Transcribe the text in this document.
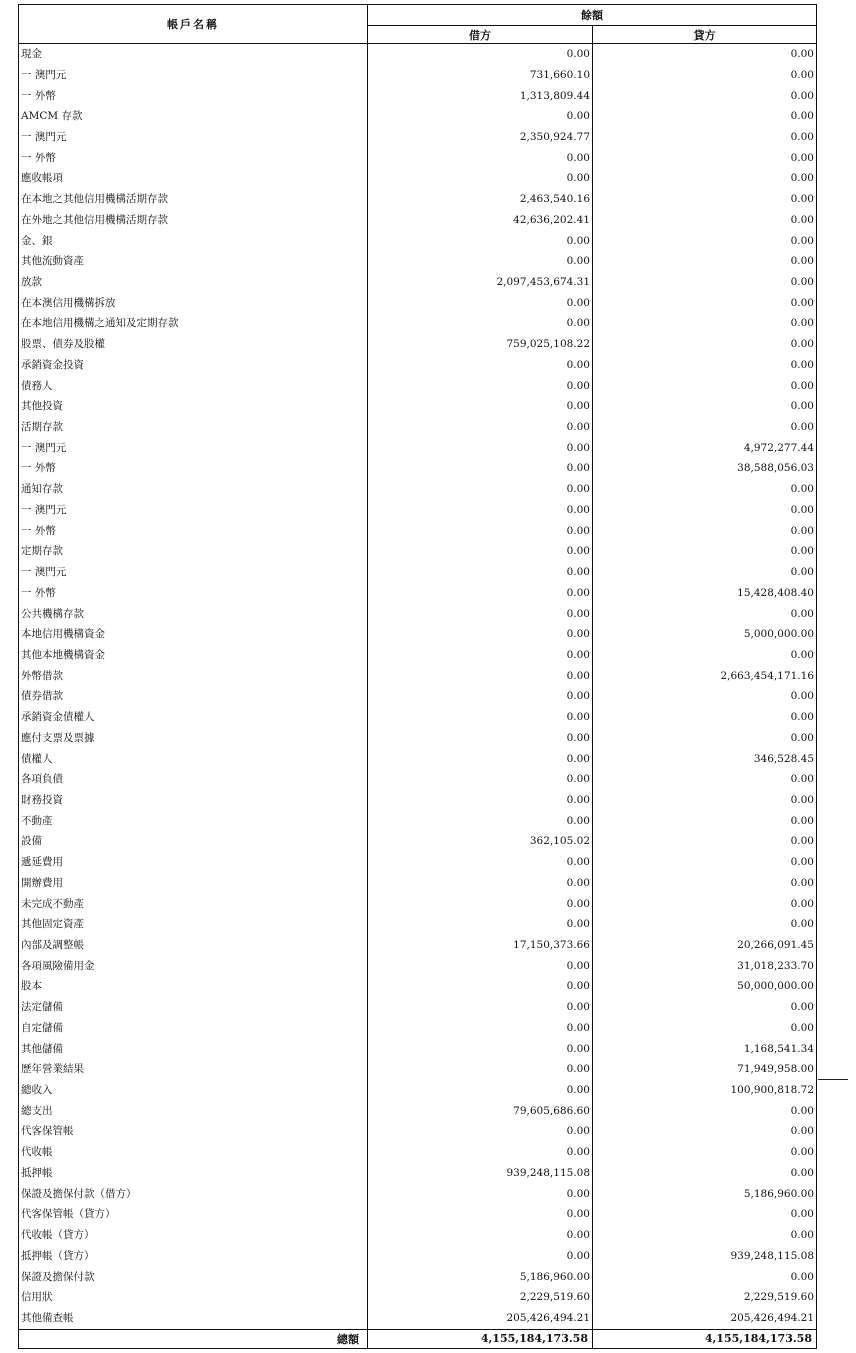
帳戶名稱	餘額	
	借方	貸方
現金	0.00	0.00
一 澳門元	731,660.10	0.00
一 外幣	1,313,809.44	0.00
AMCM 存款	0.00	0.00
一 澳門元	2,350,924.77	0.00
一 外幣	0.00	0.00
應收帳項	0.00	0.00
在本地之其他信用機構活期存款	2,463,540.16	0.00
在外地之其他信用機構活期存款	42,636,202.41	0.00
金、銀	0.00	0.00
其他流動資產	0.00	0.00
放款	2,097,453,674.31	0.00
在本澳信用機構拆放	0.00	0.00
在本地信用機構之通知及定期存款	0.00	0.00
股票、債券及股權	759,025,108.22	0.00
承銷資金投資	0.00	0.00
債務人	0.00	0.00
其他投資	0.00	0.00
活期存款	0.00	0.00
一 澳門元	0.00	4,972,277.44
一 外幣	0.00	38,588,056.03
通知存款	0.00	0.00
一 澳門元	0.00	0.00
一 外幣	0.00	0.00
定期存款	0.00	0.00
一 澳門元	0.00	0.00
一 外幣	0.00	15,428,408.40
公共機構存款	0.00	0.00
本地信用機構資金	0.00	5,000,000.00
其他本地機構資金	0.00	0.00
外幣借款	0.00	2,663,454,171.16
債券借款	0.00	0.00
承銷資金債權人	0.00	0.00
應付支票及票據	0.00	0.00
債權人	0.00	346,528.45
各項負債	0.00	0.00
財務投資	0.00	0.00
不動產	0.00	0.00
設備	362,105.02	0.00
遞延費用	0.00	0.00
開辦費用	0.00	0.00
未完成不動產	0.00	0.00
其他固定資產	0.00	0.00
內部及調整帳	17,150,373.66	20,266,091.45
各項風險備用金	0.00	31,018,233.70
股本	0.00	50,000,000.00
法定儲備	0.00	0.00
自定儲備	0.00	0.00
其他儲備	0.00	1,168,541.34
歷年營業結果	0.00	71,949,958.00
總收入	0.00	100,900,818.72
總支出	79,605,686.60	0.00
代客保管帳	0.00	0.00
代收帳	0.00	0.00
抵押帳	939,248,115.08	0.00
保證及擔保付款（借方）	0.00	5,186,960.00
代客保管帳（貸方）	0.00	0.00
代收帳（貸方）	0.00	0.00
抵押帳（貸方）	0.00	939,248,115.08
保證及擔保付款	5,186,960.00	0.00
信用狀	2,229,519.60	2,229,519.60
其他備查帳	205,426,494.21	205,426,494.21
總額	4,155,184,173.58	4,155,184,173.58
